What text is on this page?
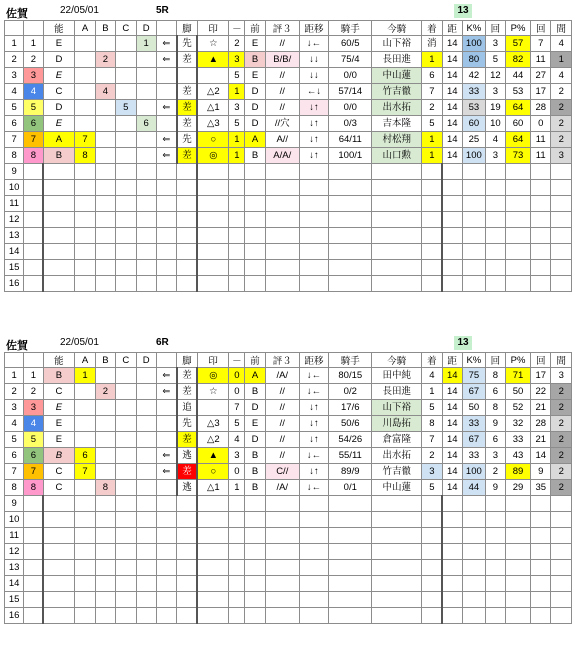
佐賀	22/05/01	5R	13
		能	A	B	C	D		脚	印	－	前	評３	距移	騎手	今騎	着	距	K%	回	P%	回	間
1	1	E				1	⇐	先	☆	2	E	//	↓←	60/5	山下裕	消	14	100	3	57	7	4
2	2	D		2			⇐	差	▲	3	B	B/B/	↓↓	75/4	長田進	1	14	80	5	82	11	1
3	3	E								5	E	//	↓↓	0/0	中山蓮	6	14	42	12	44	27	4
4	4	C		4				差	△2	1	D	//	←↓	57/14	竹吉徹	7	14	33	3	53	17	2
5	5	D			5		⇐	差	△1	3	D	//	↓↑	0/0	出水拓	2	14	53	19	64	28	2
6	6	E				6		差	△3	5	D	//穴	↓↑	0/3	吉本隆	5	14	60	10	60	0	2
7	7	A	7				⇐	先	○	1	A	A//	↓↑	64/11	村松翔	1	14	25	4	64	11	2
8	8	B	8				⇐	差	◎	1	B	A/A/	↓↑	100/1	山口勲	1	14	100	3	73	11	3
9																						
10																						
11																						
12																						
13																						
14																						
15																						
16																						
佐賀	22/05/01	6R	13
		能	A	B	C	D		脚	印	－	前	評３	距移	騎手	今騎	着	距	K%	回	P%	回	間
1	1	B	1				⇐	差	◎	0	A	/A/	↓←	80/15	田中純	4	14	75	8	71	17	3
2	2	C		2			⇐	差	☆	0	B	//	↓←	0/2	長田進	1	14	67	6	50	22	2
3	3	E						追		7	D	//	↓↑	17/6	山下裕	5	14	50	8	52	21	2
4	4	E						先	△3	5	E	//	↓↑	50/6	川島拓	8	14	33	9	32	28	2
5	5	E						差	△2	4	D	//	↓↑	54/26	倉富隆	7	14	67	6	33	21	2
6	6	B	6				⇐	逃	▲	3	B	//	↓←	55/11	出水拓	2	14	33	3	43	14	2
7	7	C	7				⇐	差	○	0	B	C//	↓↑	89/9	竹吉徹	3	14	100	2	89	9	2
8	8	C		8				逃	△1	1	B	/A/	↓←	0/1	中山蓮	5	14	44	9	29	35	2
9																						
10																						
11																						
12																						
13																						
14																						
15																						
16																						
